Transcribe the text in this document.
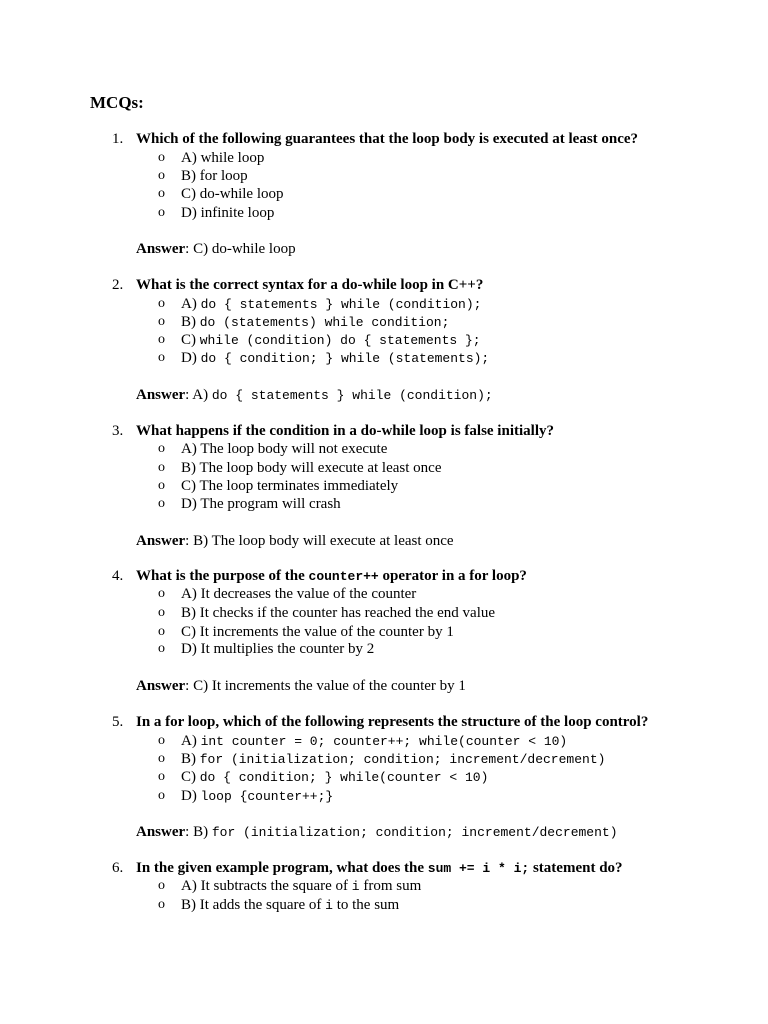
MCQs:
1. Which of the following guarantees that the loop body is executed at least once?
o A) while loop
o B) for loop
o C) do-while loop
o D) infinite loop
Answer: C) do-while loop
2. What is the correct syntax for a do-while loop in C++?
o A) do { statements } while (condition);
o B) do (statements) while condition;
o C) while (condition) do { statements };
o D) do { condition; } while (statements);
Answer: A) do { statements } while (condition);
3. What happens if the condition in a do-while loop is false initially?
o A) The loop body will not execute
o B) The loop body will execute at least once
o C) The loop terminates immediately
o D) The program will crash
Answer: B) The loop body will execute at least once
4. What is the purpose of the counter++ operator in a for loop?
o A) It decreases the value of the counter
o B) It checks if the counter has reached the end value
o C) It increments the value of the counter by 1
o D) It multiplies the counter by 2
Answer: C) It increments the value of the counter by 1
5. In a for loop, which of the following represents the structure of the loop control?
o A) int counter = 0; counter++; while(counter < 10)
o B) for (initialization; condition; increment/decrement)
o C) do { condition; } while(counter < 10)
o D) loop {counter++;}
Answer: B) for (initialization; condition; increment/decrement)
6. In the given example program, what does the sum += i * i; statement do?
o A) It subtracts the square of i from sum
o B) It adds the square of i to the sum
